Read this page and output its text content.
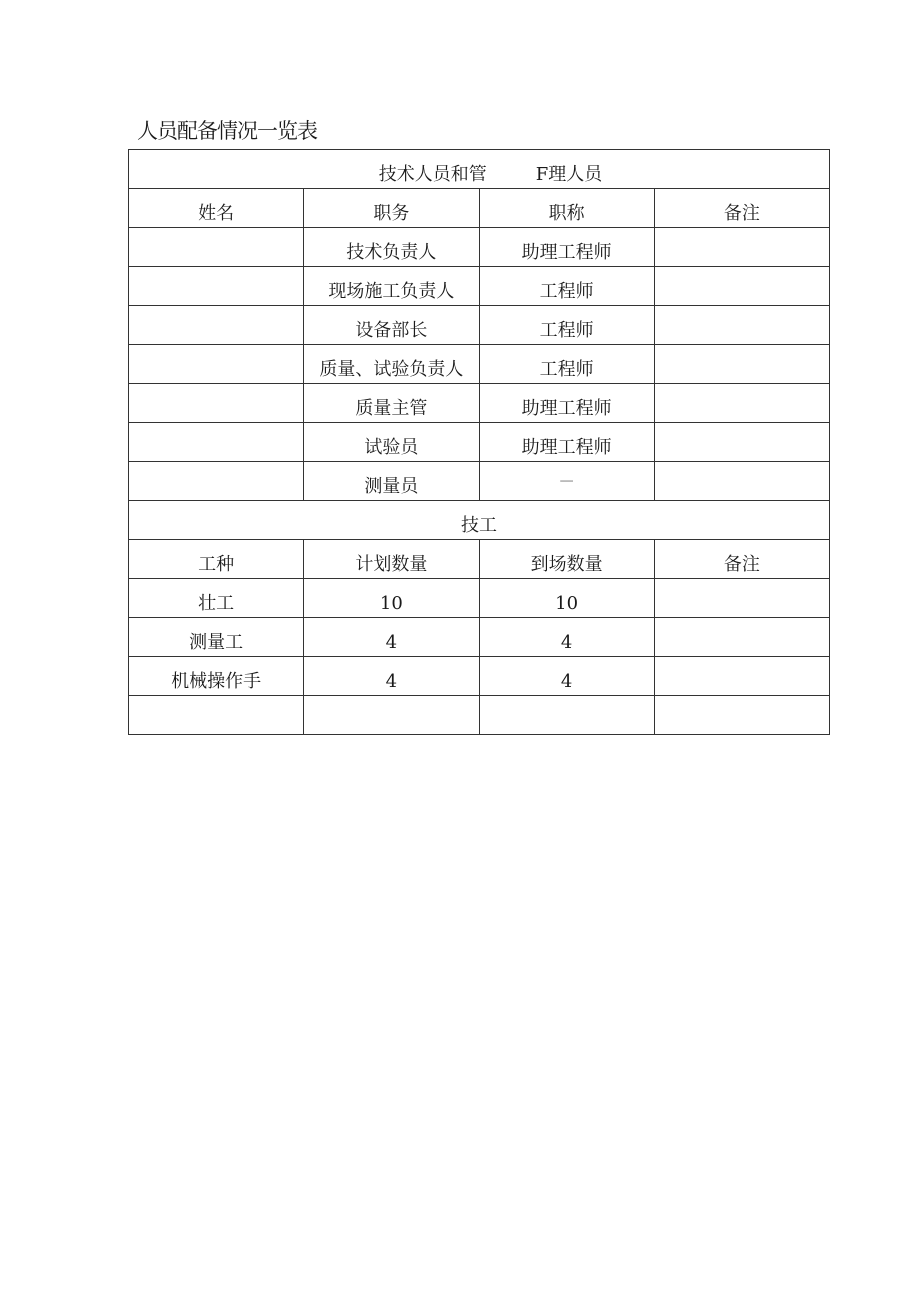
人员配备情况一览表
技术人员和管 F理人员			
姓名	职务	职称	备注
	技术负责人	助理工程师	
	现场施工负责人	工程师	
	设备部长	工程师	
	质量、试验负责人	工程师	
	质量主管	助理工程师	
	试验员	助理工程师	
	测量员	—	
技工			
工种	计划数量	到场数量	备注
壮工	10	10	
测量工	4	4	
机械操作手	4	4	
